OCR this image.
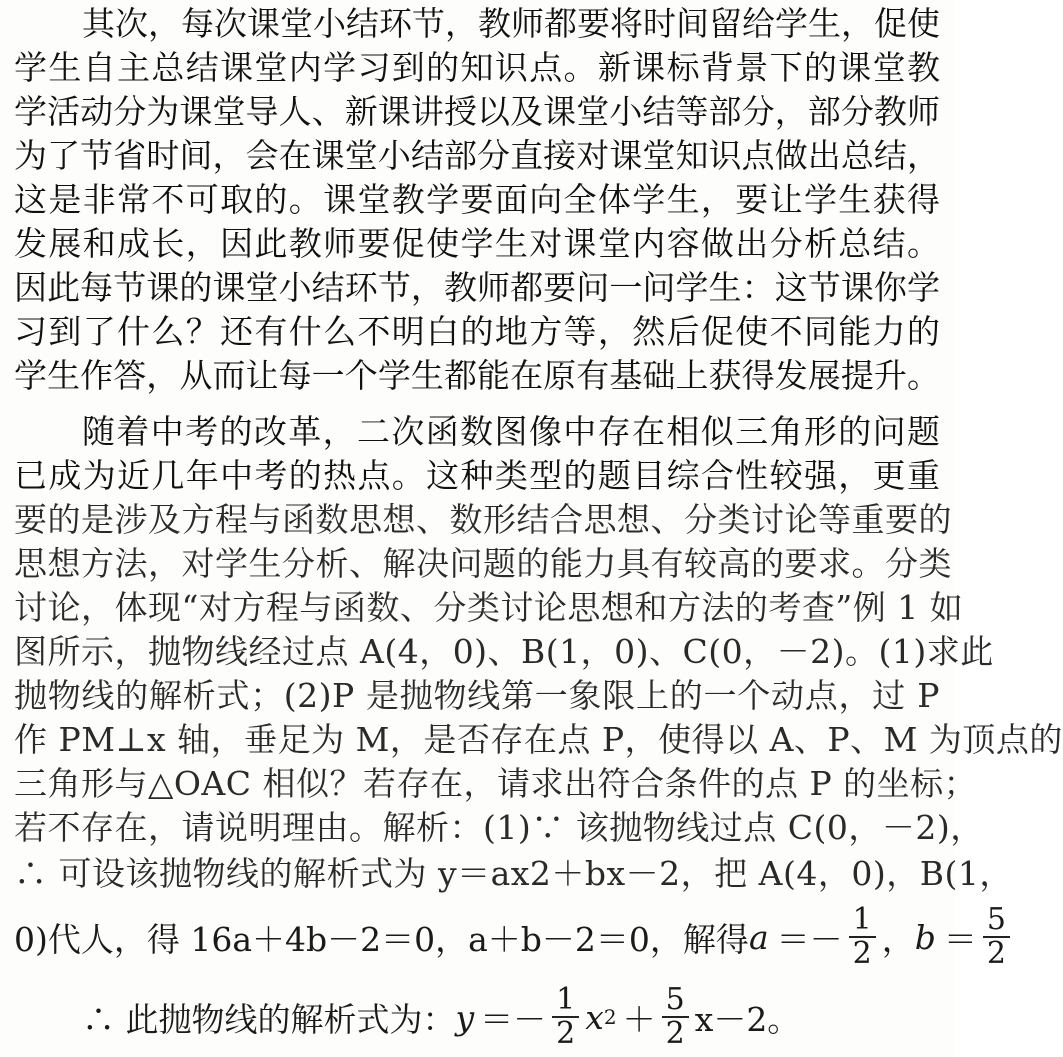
其次，每次课堂小结环节，教师都要将时间留给学生，促使
学生自主总结课堂内学习到的知识点。新课标背景下的课堂教
学活动分为课堂导人、新课讲授以及课堂小结等部分，部分教师
为了节省时间，会在课堂小结部分直接对课堂知识点做出总结，
这是非常不可取的。课堂教学要面向全体学生，要让学生获得
发展和成长，因此教师要促使学生对课堂内容做出分析总结。
因此每节课的课堂小结环节，教师都要问一问学生：这节课你学
习到了什么？还有什么不明白的地方等，然后促使不同能力的
学生作答，从而让每一个学生都能在原有基础上获得发展提升。
随着中考的改革，二次函数图像中存在相似三角形的问题
已成为近几年中考的热点。这种类型的题目综合性较强，更重
要的是涉及方程与函数思想、数形结合思想、分类讨论等重要的
思想方法，对学生分析、解决问题的能力具有较高的要求。分类
讨论，体现“对方程与函数、分类讨论思想和方法的考查”例 1 如
图所示，抛物线经过点 A(4，0)、B(1，0)、C(0，－2)。(1)求此
抛物线的解析式；(2)P 是抛物线第一象限上的一个动点，过 P
作 PM⊥x 轴，垂足为 M，是否存在点 P，使得以 A、P、M 为顶点的
三角形与△OAC 相似？若存在，请求出符合条件的点 P 的坐标；
若不存在，请说明理由。解析：(1)∵ 该抛物线过点 C(0，－2)，
∴ 可设该抛物线的解析式为 y＝ax2＋bx－2，把 A(4，0)，B(1，
0)代人，得 16a＋4b－2＝0，a＋b－2＝0，解得 $a =- \frac{1}{2}$ ， $b = \frac{5}{2}$
∴ 此抛物线的解析式为： $y =- \frac{1}{2}$ x $2 + \frac{5}{2} x-2$。
